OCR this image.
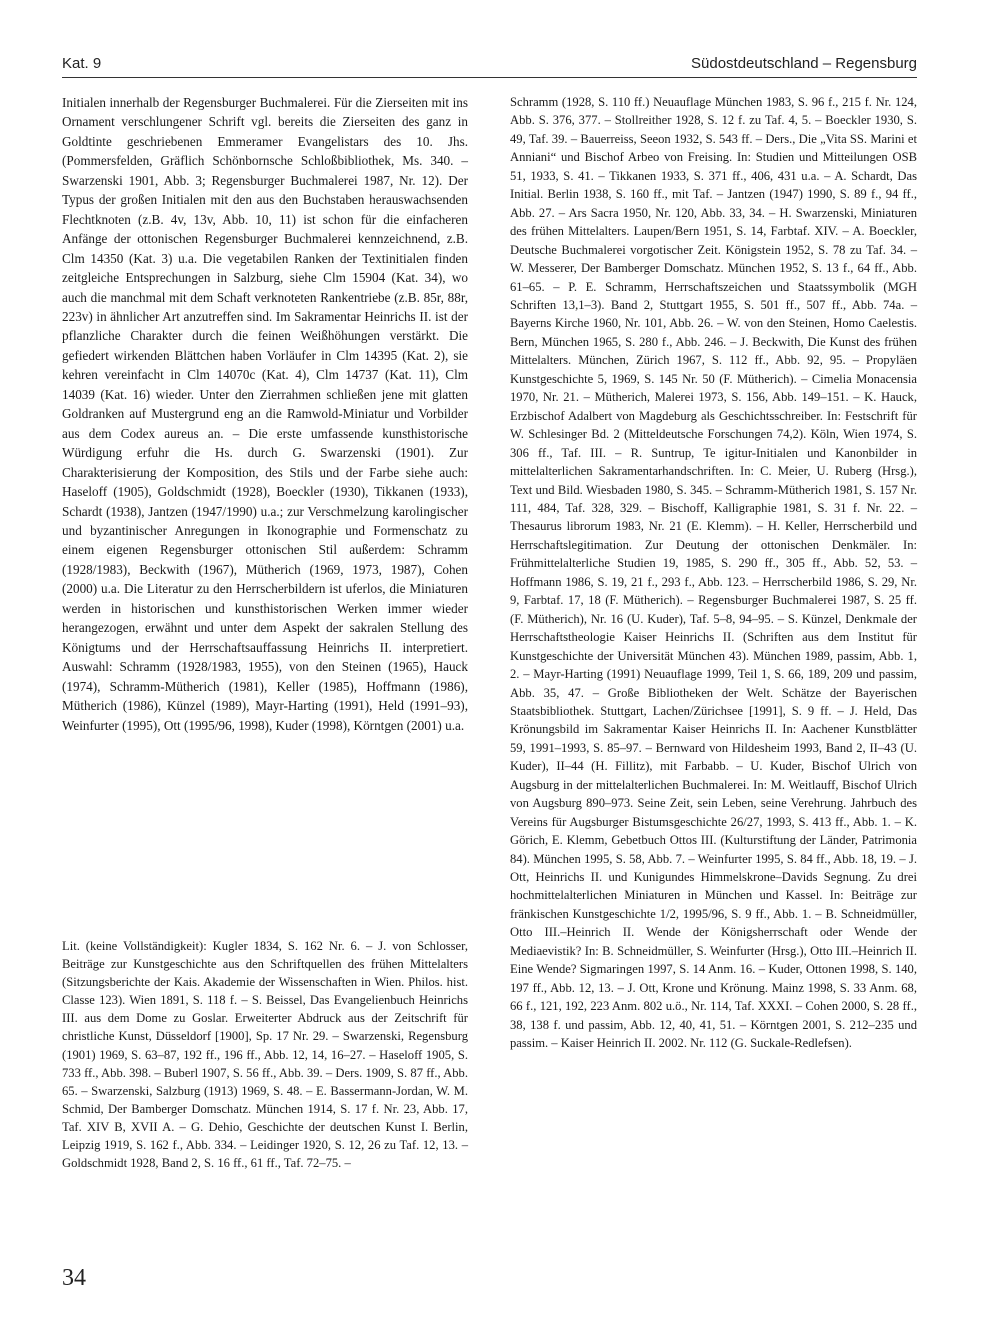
Kat. 9	Südostdeutschland – Regensburg

Initialen innerhalb der Regensburger Buchmalerei. Für die Zierseiten mit ins Ornament verschlungener Schrift vgl. bereits die Zierseiten des ganz in Goldtinte geschriebenen Emmeramer Evangelistars des 10. Jhs. (Pommersfelden, Gräflich Schönbornsche Schloßbibliothek, Ms. 340. – Swarzenski 1901, Abb. 3; Regensburger Buchmalerei 1987, Nr. 12). Der Typus der großen Initialen mit den aus den Buchstaben herauswachsenden Flechtknoten (z.B. 4v, 13v, Abb. 10, 11) ist schon für die einfacheren Anfänge der ottonischen Regensburger Buchmalerei kennzeichnend, z.B. Clm 14350 (Kat. 3) u.a. Die vegetabilen Ranken der Textinitialen finden zeitgleiche Entsprechungen in Salzburg, siehe Clm 15904 (Kat. 34), wo auch die manchmal mit dem Schaft verknoteten Rankentriebe (z.B. 85r, 88r, 223v) in ähnlicher Art anzutreffen sind. Im Sakramentar Heinrichs II. ist der pflanzliche Charakter durch die feinen Weißhöhungen verstärkt. Die gefiedert wirkenden Blättchen haben Vorläufer in Clm 14395 (Kat. 2), sie kehren vereinfacht in Clm 14070c (Kat. 4), Clm 14737 (Kat. 11), Clm 14039 (Kat. 16) wieder. Unter den Zierrahmen schließen jene mit glatten Goldranken auf Mustergrund eng an die Ramwold-Miniatur und Vorbilder aus dem Codex aureus an. – Die erste umfassende kunsthistorische Würdigung erfuhr die Hs. durch G. Swarzenski (1901). Zur Charakterisierung der Komposition, des Stils und der Farbe siehe auch: Haseloff (1905), Goldschmidt (1928), Boeckler (1930), Tikkanen (1933), Schardt (1938), Jantzen (1947/1990) u.a.; zur Verschmelzung karolingischer und byzantinischer Anregungen in Ikonographie und Formenschatz zu einem eigenen Regensburger ottonischen Stil außerdem: Schramm (1928/1983), Beckwith (1967), Mütherich (1969, 1973, 1987), Cohen (2000) u.a. Die Literatur zu den Herrscherbildern ist uferlos, die Miniaturen werden in historischen und kunsthistorischen Werken immer wieder herangezogen, erwähnt und unter dem Aspekt der sakralen Stellung des Königtums und der Herrschaftsauffassung Heinrichs II. interpretiert. Auswahl: Schramm (1928/1983, 1955), von den Steinen (1965), Hauck (1974), Schramm-Mütherich (1981), Keller (1985), Hoffmann (1986), Mütherich (1986), Künzel (1989), Mayr-Harting (1991), Held (1991–93), Weinfurter (1995), Ott (1995/96, 1998), Kuder (1998), Körntgen (2001) u.a.

Lit. (keine Vollständigkeit): Kugler 1834, S. 162 Nr. 6. – J. von Schlosser, Beiträge zur Kunstgeschichte aus den Schriftquellen des frühen Mittelalters (Sitzungsberichte der Kais. Akademie der Wissenschaften in Wien. Philos. hist. Classe 123). Wien 1891, S. 118 f. – S. Beissel, Das Evangelienbuch Heinrichs III. aus dem Dome zu Goslar. Erweiterter Abdruck aus der Zeitschrift für christliche Kunst, Düsseldorf [1900], Sp. 17 Nr. 29. – Swarzenski, Regensburg (1901) 1969, S. 63–87, 192 ff., 196 ff., Abb. 12, 14, 16–27. – Haseloff 1905, S. 733 ff., Abb. 398. – Buberl 1907, S. 56 ff., Abb. 39. – Ders. 1909, S. 87 ff., Abb. 65. – Swarzenski, Salzburg (1913) 1969, S. 48. – E. Bassermann-Jordan, W. M. Schmid, Der Bamberger Domschatz. München 1914, S. 17 f. Nr. 23, Abb. 17, Taf. XIV B, XVII A. – G. Dehio, Geschichte der deutschen Kunst I. Berlin, Leipzig 1919, S. 162 f., Abb. 334. – Leidinger 1920, S. 12, 26 zu Taf. 12, 13. – Goldschmidt 1928, Band 2, S. 16 ff., 61 ff., Taf. 72–75. –

Schramm (1928, S. 110 ff.) Neuauflage München 1983, S. 96 f., 215 f. Nr. 124, Abb. S. 376, 377. – Stollreither 1928, S. 12 f. zu Taf. 4, 5. – Boeckler 1930, S. 49, Taf. 39. – Bauerreiss, Seeon 1932, S. 543 ff. – Ders., Die „Vita SS. Marini et Anniani“ und Bischof Arbeo von Freising. In: Studien und Mitteilungen OSB 51, 1933, S. 41. – Tikkanen 1933, S. 371 ff., 406, 431 u.a. – A. Schardt, Das Initial. Berlin 1938, S. 160 ff., mit Taf. – Jantzen (1947) 1990, S. 89 f., 94 ff., Abb. 27. – Ars Sacra 1950, Nr. 120, Abb. 33, 34. – H. Swarzenski, Miniaturen des frühen Mittelalters. Laupen/Bern 1951, S. 14, Farbtaf. XIV. – A. Boeckler, Deutsche Buchmalerei vorgotischer Zeit. Königstein 1952, S. 78 zu Taf. 34. – W. Messerer, Der Bamberger Domschatz. München 1952, S. 13 f., 64 ff., Abb. 61–65. – P. E. Schramm, Herrschaftszeichen und Staatssymbolik (MGH Schriften 13,1–3). Band 2, Stuttgart 1955, S. 501 ff., 507 ff., Abb. 74a. – Bayerns Kirche 1960, Nr. 101, Abb. 26. – W. von den Steinen, Homo Caelestis. Bern, München 1965, S. 280 f., Abb. 246. – J. Beckwith, Die Kunst des frühen Mittelalters. München, Zürich 1967, S. 112 ff., Abb. 92, 95. – Propyläen Kunstgeschichte 5, 1969, S. 145 Nr. 50 (F. Mütherich). – Cimelia Monacensia 1970, Nr. 21. – Mütherich, Malerei 1973, S. 156, Abb. 149–151. – K. Hauck, Erzbischof Adalbert von Magdeburg als Geschichtsschreiber. In: Festschrift für W. Schlesinger Bd. 2 (Mitteldeutsche Forschungen 74,2). Köln, Wien 1974, S. 306 ff., Taf. III. – R. Suntrup, Te igitur-Initialen und Kanonbilder in mittelalterlichen Sakramentarhandschriften. In: C. Meier, U. Ruberg (Hrsg.), Text und Bild. Wiesbaden 1980, S. 345. – Schramm-Mütherich 1981, S. 157 Nr. 111, 484, Taf. 328, 329. – Bischoff, Kalligraphie 1981, S. 31 f. Nr. 22. – Thesaurus librorum 1983, Nr. 21 (E. Klemm). – H. Keller, Herrscherbild und Herrschaftslegitimation. Zur Deutung der ottonischen Denkmäler. In: Frühmittelalterliche Studien 19, 1985, S. 290 ff., 305 ff., Abb. 52, 53. – Hoffmann 1986, S. 19, 21 f., 293 f., Abb. 123. – Herrscherbild 1986, S. 29, Nr. 9, Farbtaf. 17, 18 (F. Mütherich). – Regensburger Buchmalerei 1987, S. 25 ff. (F. Mütherich), Nr. 16 (U. Kuder), Taf. 5–8, 94–95. – S. Künzel, Denkmale der Herrschaftstheologie Kaiser Heinrichs II. (Schriften aus dem Institut für Kunstgeschichte der Universität München 43). München 1989, passim, Abb. 1, 2. – Mayr-Harting (1991) Neuauflage 1999, Teil 1, S. 66, 189, 209 und passim, Abb. 35, 47. – Große Bibliotheken der Welt. Schätze der Bayerischen Staatsbibliothek. Stuttgart, Lachen/Zürichsee [1991], S. 9 ff. – J. Held, Das Krönungsbild im Sakramentar Kaiser Heinrichs II. In: Aachener Kunstblätter 59, 1991–1993, S. 85–97. – Bernward von Hildesheim 1993, Band 2, II–43 (U. Kuder), II–44 (H. Fillitz), mit Farbabb. – U. Kuder, Bischof Ulrich von Augsburg in der mittelalterlichen Buchmalerei. In: M. Weitlauff, Bischof Ulrich von Augsburg 890–973. Seine Zeit, sein Leben, seine Verehrung. Jahrbuch des Vereins für Augsburger Bistumsgeschichte 26/27, 1993, S. 413 ff., Abb. 1. – K. Görich, E. Klemm, Gebetbuch Ottos III. (Kulturstiftung der Länder, Patrimonia 84). München 1995, S. 58, Abb. 7. – Weinfurter 1995, S. 84 ff., Abb. 18, 19. – J. Ott, Heinrichs II. und Kunigundes Himmelskrone–Davids Segnung. Zu drei hochmittelalterlichen Miniaturen in München und Kassel. In: Beiträge zur fränkischen Kunstgeschichte 1/2, 1995/96, S. 9 ff., Abb. 1. – B. Schneidmüller, Otto III.–Heinrich II. Wende der Königsherrschaft oder Wende der Mediaevistik? In: B. Schneidmüller, S. Weinfurter (Hrsg.), Otto III.–Heinrich II. Eine Wende? Sigmaringen 1997, S. 14 Anm. 16. – Kuder, Ottonen 1998, S. 140, 197 ff., Abb. 12, 13. – J. Ott, Krone und Krönung. Mainz 1998, S. 33 Anm. 68, 66 f., 121, 192, 223 Anm. 802 u.ö., Nr. 114, Taf. XXXI. – Cohen 2000, S. 28 ff., 38, 138 f. und passim, Abb. 12, 40, 41, 51. – Körntgen 2001, S. 212–235 und passim. – Kaiser Heinrich II. 2002. Nr. 112 (G. Suckale-Redlefsen).

34
